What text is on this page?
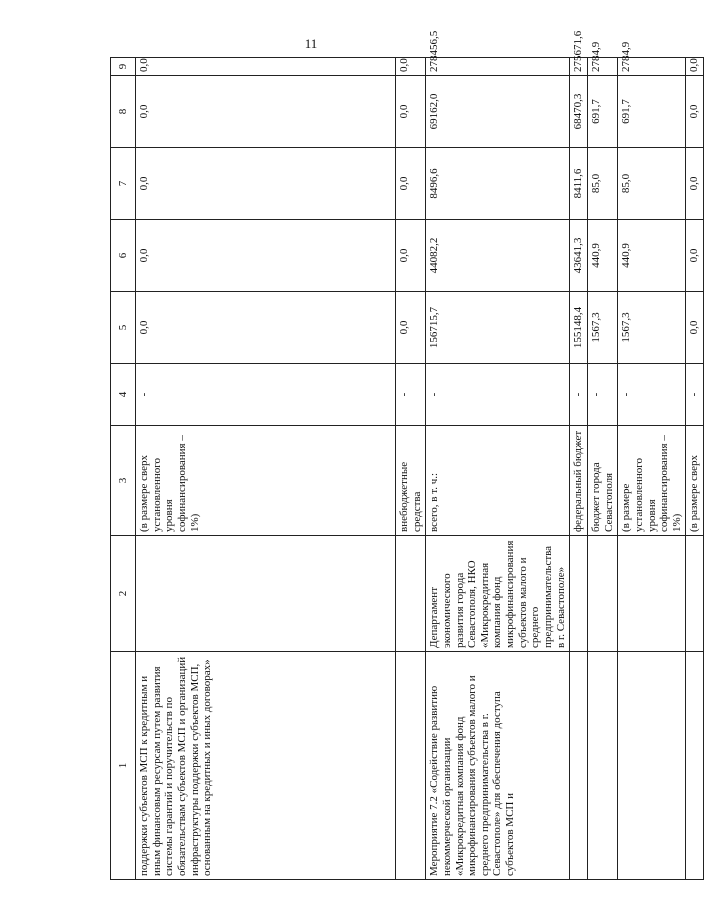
11
1	2	3	4	5	6	7	8	9
поддержки субъектов МСП к кредитным и иным финансовым ресурсам путем развития системы гарантий и поручительств по обязательствам субъектов МСП и организаций инфраструктуры поддержки субъектов МСП, основанным на кредитных и иных договорах»		(в размере сверх установленного уровня софинансирования – 1%)	-	0,0	0,0	0,0	0,0	0,0
		внебюджетные средства	-	0,0	0,0	0,0	0,0	0,0
Мероприятие 7.2 «Содействие развитию некоммерческой организации «Микрокредитная компания фонд микрофинансирования субъектов малого и среднего предпринимательства в г. Севастополе» для обеспечения доступа субъектов МСП и	Департамент экономического развития города Севастополя, НКО «Микрокредитная компания фонд микрофинансирования субъектов малого и среднего предпринимательства в г. Севастополе»	всего, в т. ч.:	-	156715,7	44082,2	8496,6	69162,0	278456,5
		федеральный бюджет	-	155148,4	43641,3	8411,6	68470,3	275671,6
		бюджет города Севастополя	-	1567,3	440,9	85,0	691,7	2784,9
		(в размере установленного уровня софинансирования – 1%)	-	1567,3	440,9	85,0	691,7	2784,9
		(в размере сверх	-	0,0	0,0	0,0	0,0	0,0
